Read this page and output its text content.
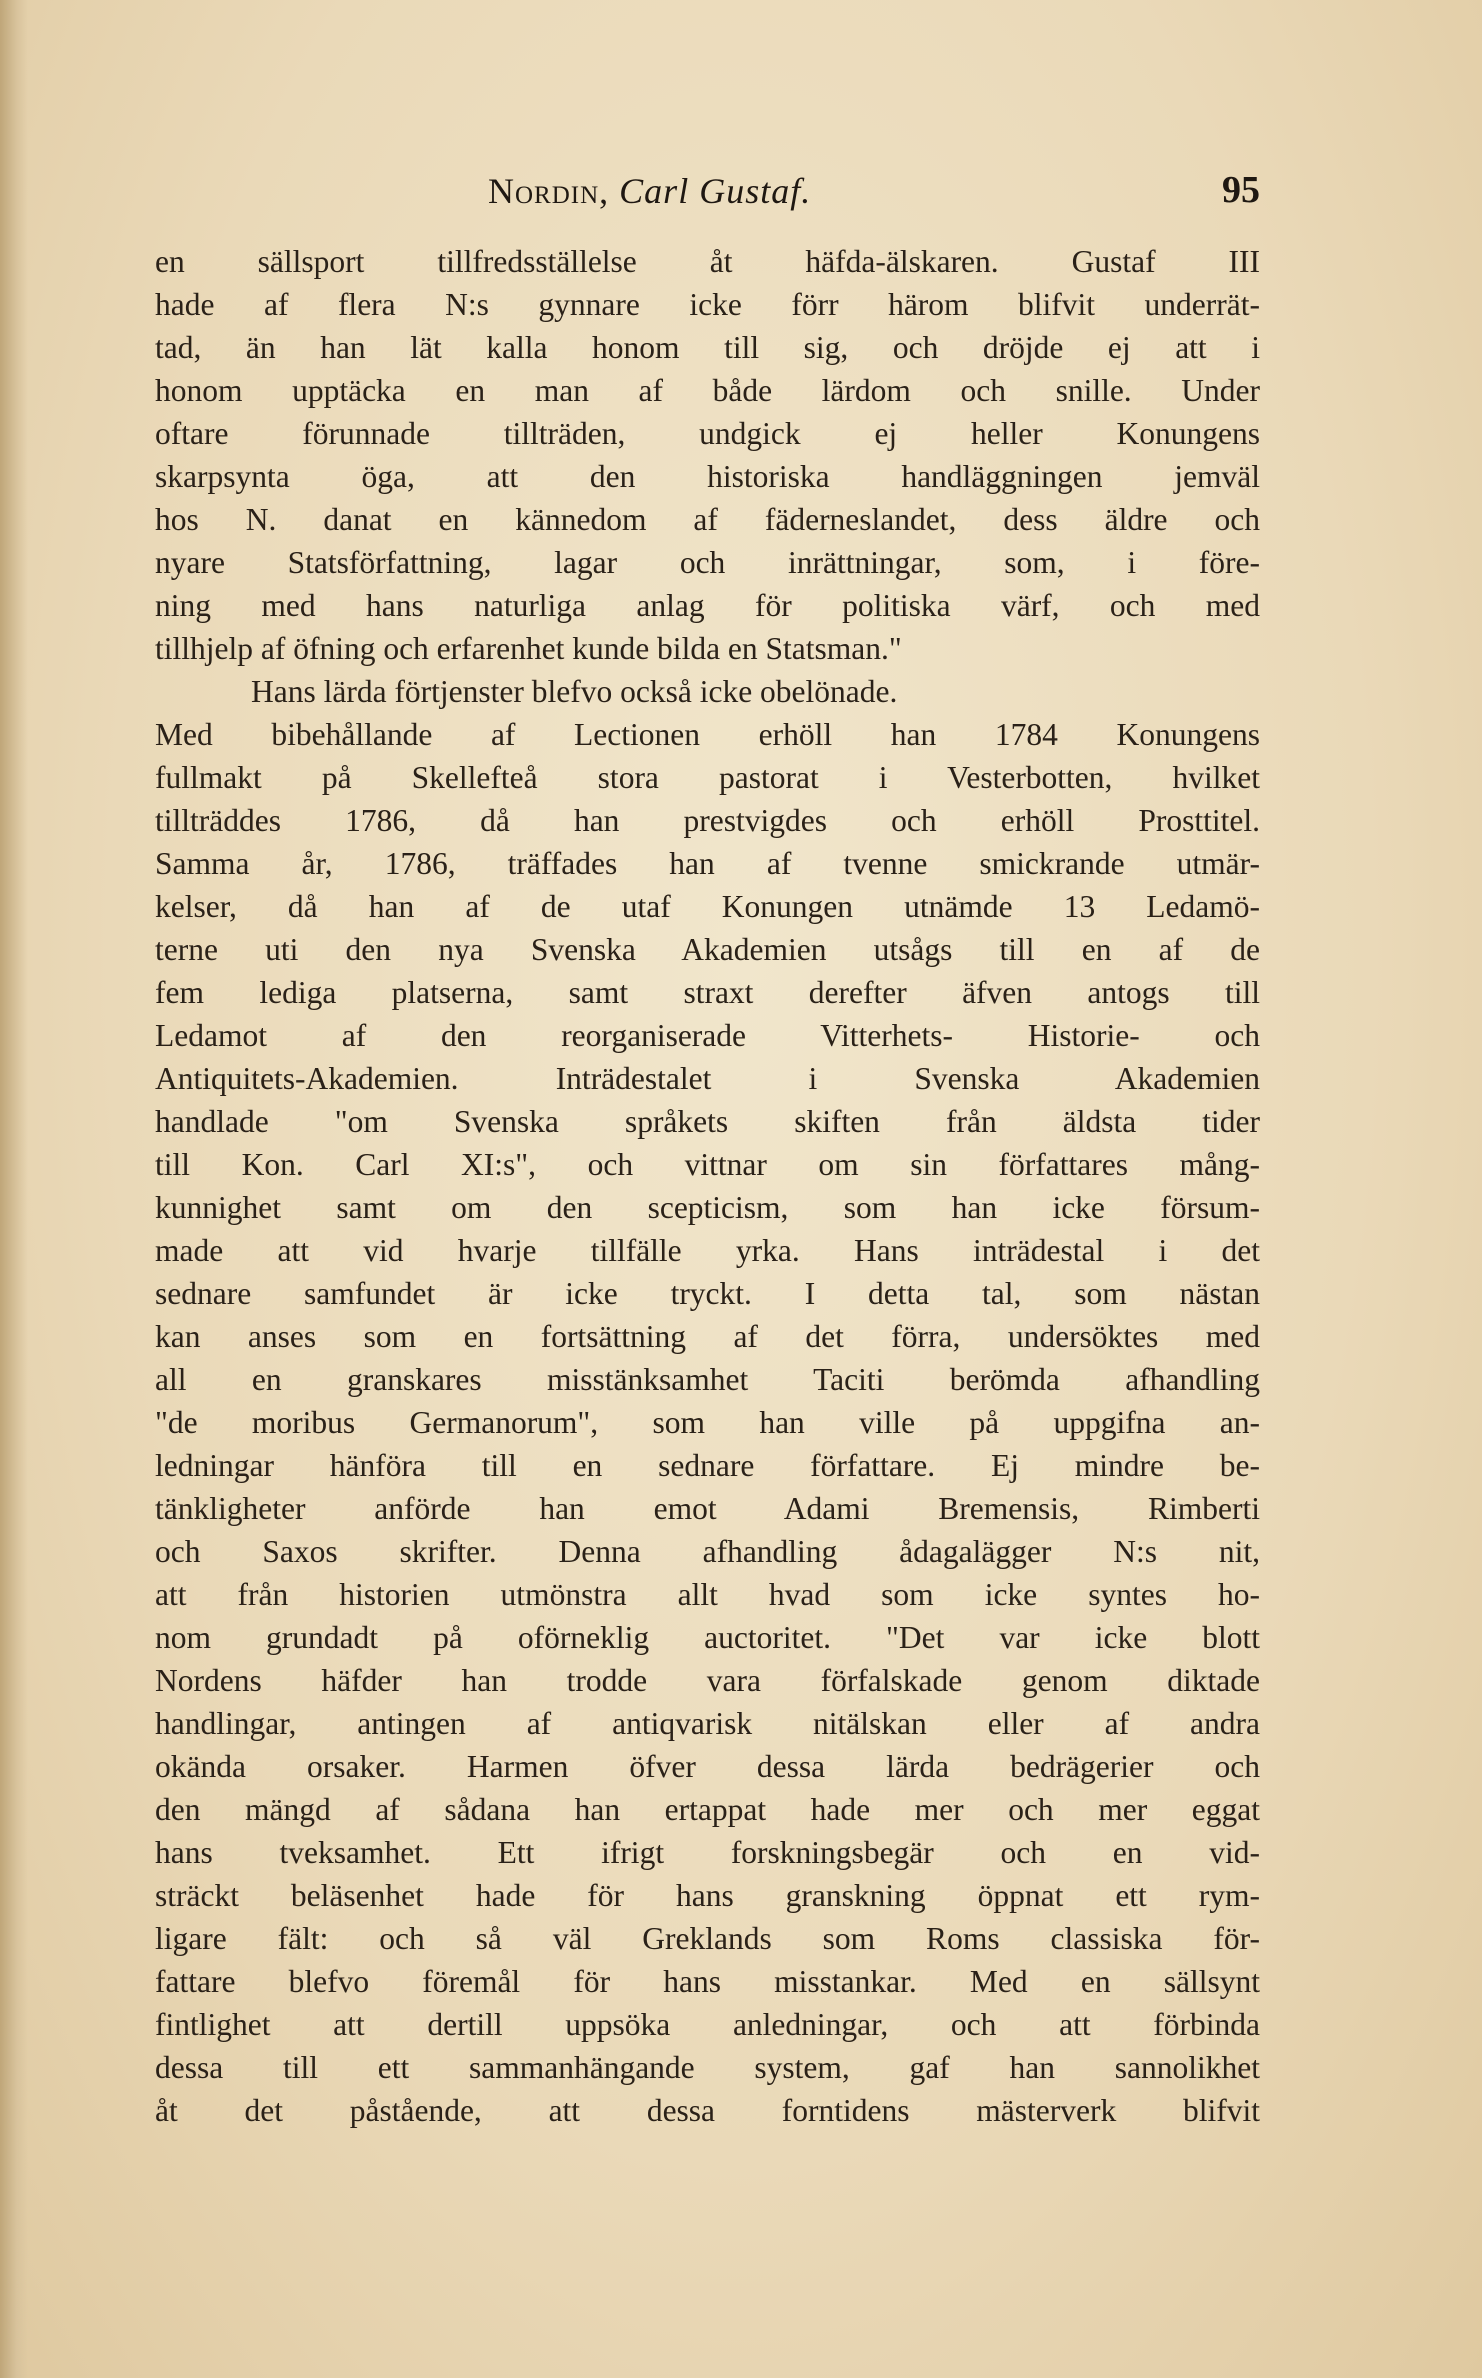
Nordin, Carl Gustaf.	95
en sällsport tillfredsställelse åt häfda-älskaren. Gustaf III
hade af flera N:s gynnare icke förr härom blifvit underrät-
tad, än han lät kalla honom till sig, och dröjde ej att i
honom upptäcka en man af både lärdom och snille. Under
oftare förunnade tillträden, undgick ej heller Konungens
skarpsynta öga, att den historiska handläggningen jemväl
hos N. danat en kännedom af fäderneslandet, dess äldre och
nyare Statsförfattning, lagar och inrättningar, som, i före-
ning med hans naturliga anlag för politiska värf, och med
tillhjelp af öfning och erfarenhet kunde bilda en Statsman."
Hans lärda förtjenster blefvo också icke obelönade.
Med bibehållande af Lectionen erhöll han 1784 Konungens
fullmakt på Skellefteå stora pastorat i Vesterbotten, hvilket
tillträddes 1786, då han prestvigdes och erhöll Prosttitel.
Samma år, 1786, träffades han af tvenne smickrande utmär-
kelser, då han af de utaf Konungen utnämde 13 Ledamö-
terne uti den nya Svenska Akademien utsågs till en af de
fem lediga platserna, samt straxt derefter äfven antogs till
Ledamot af den reorganiserade Vitterhets- Historie- och
Antiquitets-Akademien. Inträdestalet i Svenska Akademien
handlade "om Svenska språkets skiften från äldsta tider
till Kon. Carl XI:s", och vittnar om sin författares mång-
kunnighet samt om den scepticism, som han icke försum-
made att vid hvarje tillfälle yrka. Hans inträdestal i det
sednare samfundet är icke tryckt. I detta tal, som nästan
kan anses som en fortsättning af det förra, undersöktes med
all en granskares misstänksamhet Taciti berömda afhandling
"de moribus Germanorum", som han ville på uppgifna an-
ledningar hänföra till en sednare författare. Ej mindre be-
tänkligheter anförde han emot Adami Bremensis, Rimberti
och Saxos skrifter. Denna afhandling ådagalägger N:s nit,
att från historien utmönstra allt hvad som icke syntes ho-
nom grundadt på oförneklig auctoritet. "Det var icke blott
Nordens häfder han trodde vara förfalskade genom diktade
handlingar, antingen af antiqvarisk nitälskan eller af andra
okända orsaker. Harmen öfver dessa lärda bedrägerier och
den mängd af sådana han ertappat hade mer och mer eggat
hans tveksamhet. Ett ifrigt forskningsbegär och en vid-
sträckt beläsenhet hade för hans granskning öppnat ett rym-
ligare fält: och så väl Greklands som Roms classiska för-
fattare blefvo föremål för hans misstankar. Med en sällsynt
fintlighet att dertill uppsöka anledningar, och att förbinda
dessa till ett sammanhängande system, gaf han sannolikhet
åt det påstående, att dessa forntidens mästerverk blifvit
